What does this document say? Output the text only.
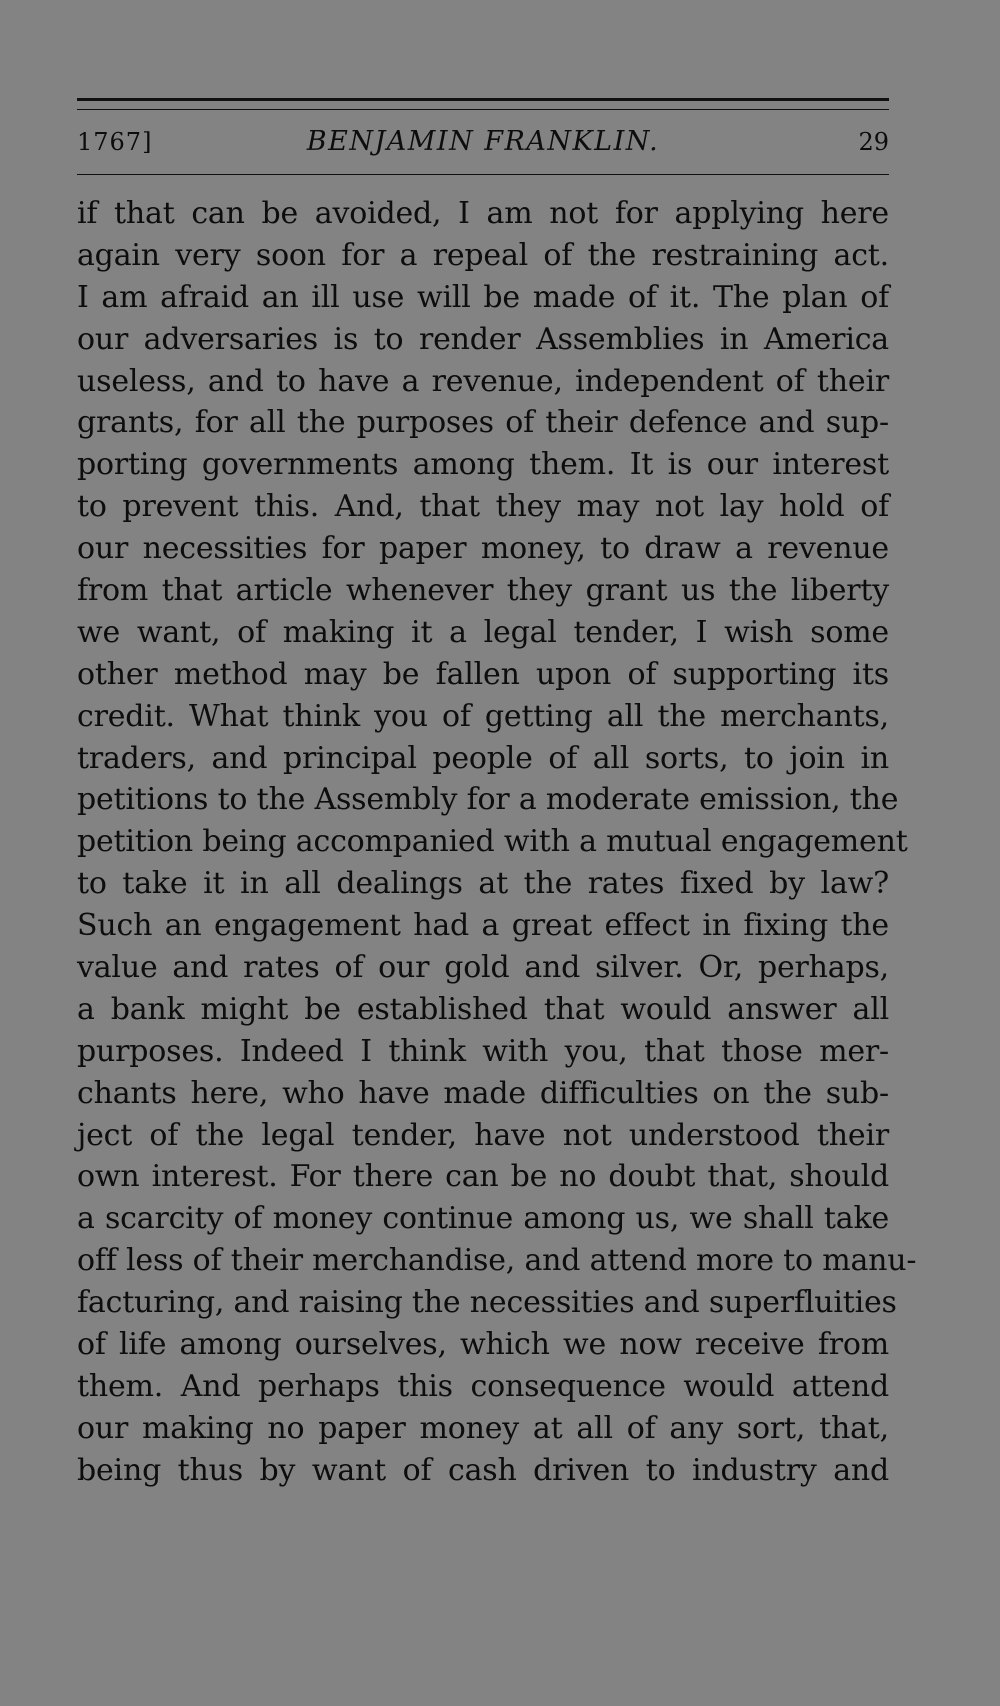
1767]	BENJAMIN FRANKLIN.	29
if that can be avoided, I am not for applying here
again very soon for a repeal of the restraining act.
I am afraid an ill use will be made of it. The plan of
our adversaries is to render Assemblies in America
useless, and to have a revenue, independent of their
grants, for all the purposes of their defence and sup-
porting governments among them. It is our interest
to prevent this. And, that they may not lay hold of
our necessities for paper money, to draw a revenue
from that article whenever they grant us the liberty
we want, of making it a legal tender, I wish some
other method may be fallen upon of supporting its
credit. What think you of getting all the merchants,
traders, and principal people of all sorts, to join in
petitions to the Assembly for a moderate emission, the
petition being accompanied with a mutual engagement
to take it in all dealings at the rates fixed by law?
Such an engagement had a great effect in fixing the
value and rates of our gold and silver. Or, perhaps,
a bank might be established that would answer all
purposes. Indeed I think with you, that those mer-
chants here, who have made difficulties on the sub-
ject of the legal tender, have not understood their
own interest. For there can be no doubt that, should
a scarcity of money continue among us, we shall take
off less of their merchandise, and attend more to manu-
facturing, and raising the necessities and superfluities
of life among ourselves, which we now receive from
them. And perhaps this consequence would attend
our making no paper money at all of any sort, that,
being thus by want of cash driven to industry and
